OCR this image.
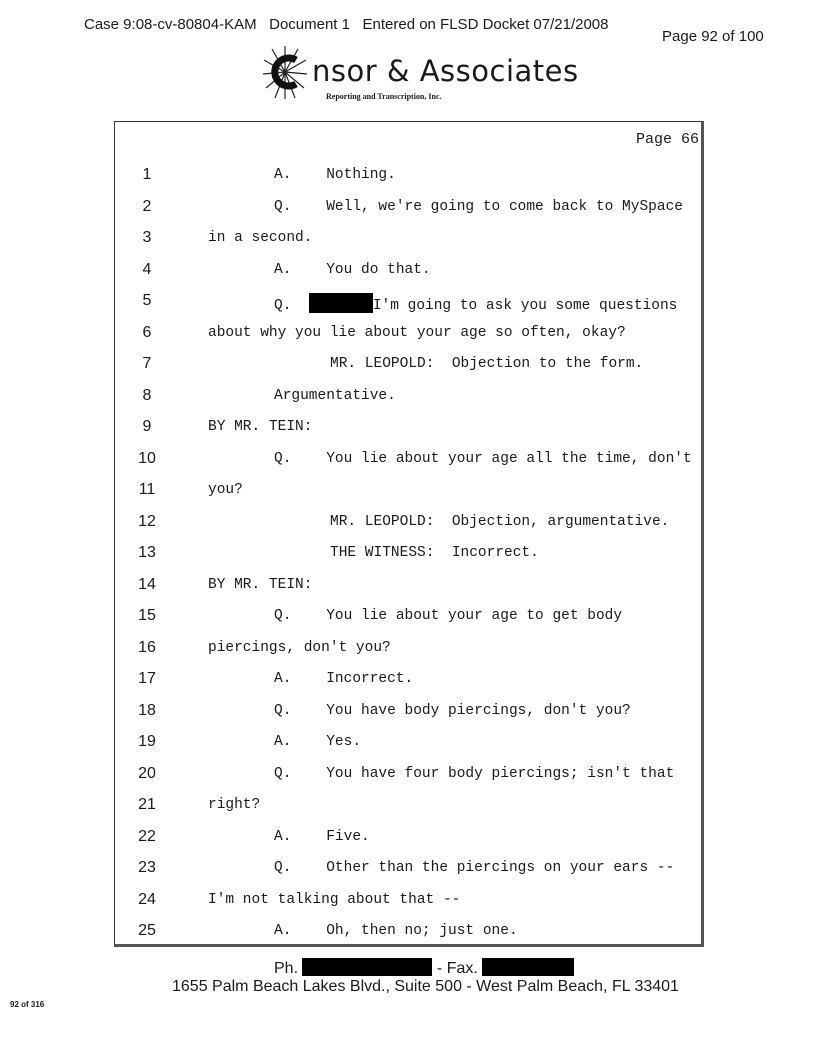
Case 9:08-cv-80804-KAM Document 1 Entered on FLSD Docket 07/21/2008
Page 92 of 100
nsor & Associates
Reporting and Transcription, Inc.
Page 66
1	A.    Nothing.
2	Q.    Well, we're going to come back to MySpace
3	in a second.
4	A.    You do that.
5	Q.	I'm going to ask you some questions
6	about why you lie about your age so often, okay?
7	MR. LEOPOLD:  Objection to the form.
8	Argumentative.
9	BY MR. TEIN:
10	Q.    You lie about your age all the time, don't
11	you?
12	MR. LEOPOLD:  Objection, argumentative.
13	THE WITNESS:  Incorrect.
14	BY MR. TEIN:
15	Q.    You lie about your age to get body
16	piercings, don't you?
17	A.    Incorrect.
18	Q.    You have body piercings, don't you?
19	A.    Yes.
20	Q.    You have four body piercings; isn't that
21	right?
22	A.    Five.
23	Q.    Other than the piercings on your ears --
24	I'm not talking about that --
25	A.    Oh, then no; just one.
Ph.	- Fax.
1655 Palm Beach Lakes Blvd., Suite 500 - West Palm Beach, FL 33401
92 of 316
